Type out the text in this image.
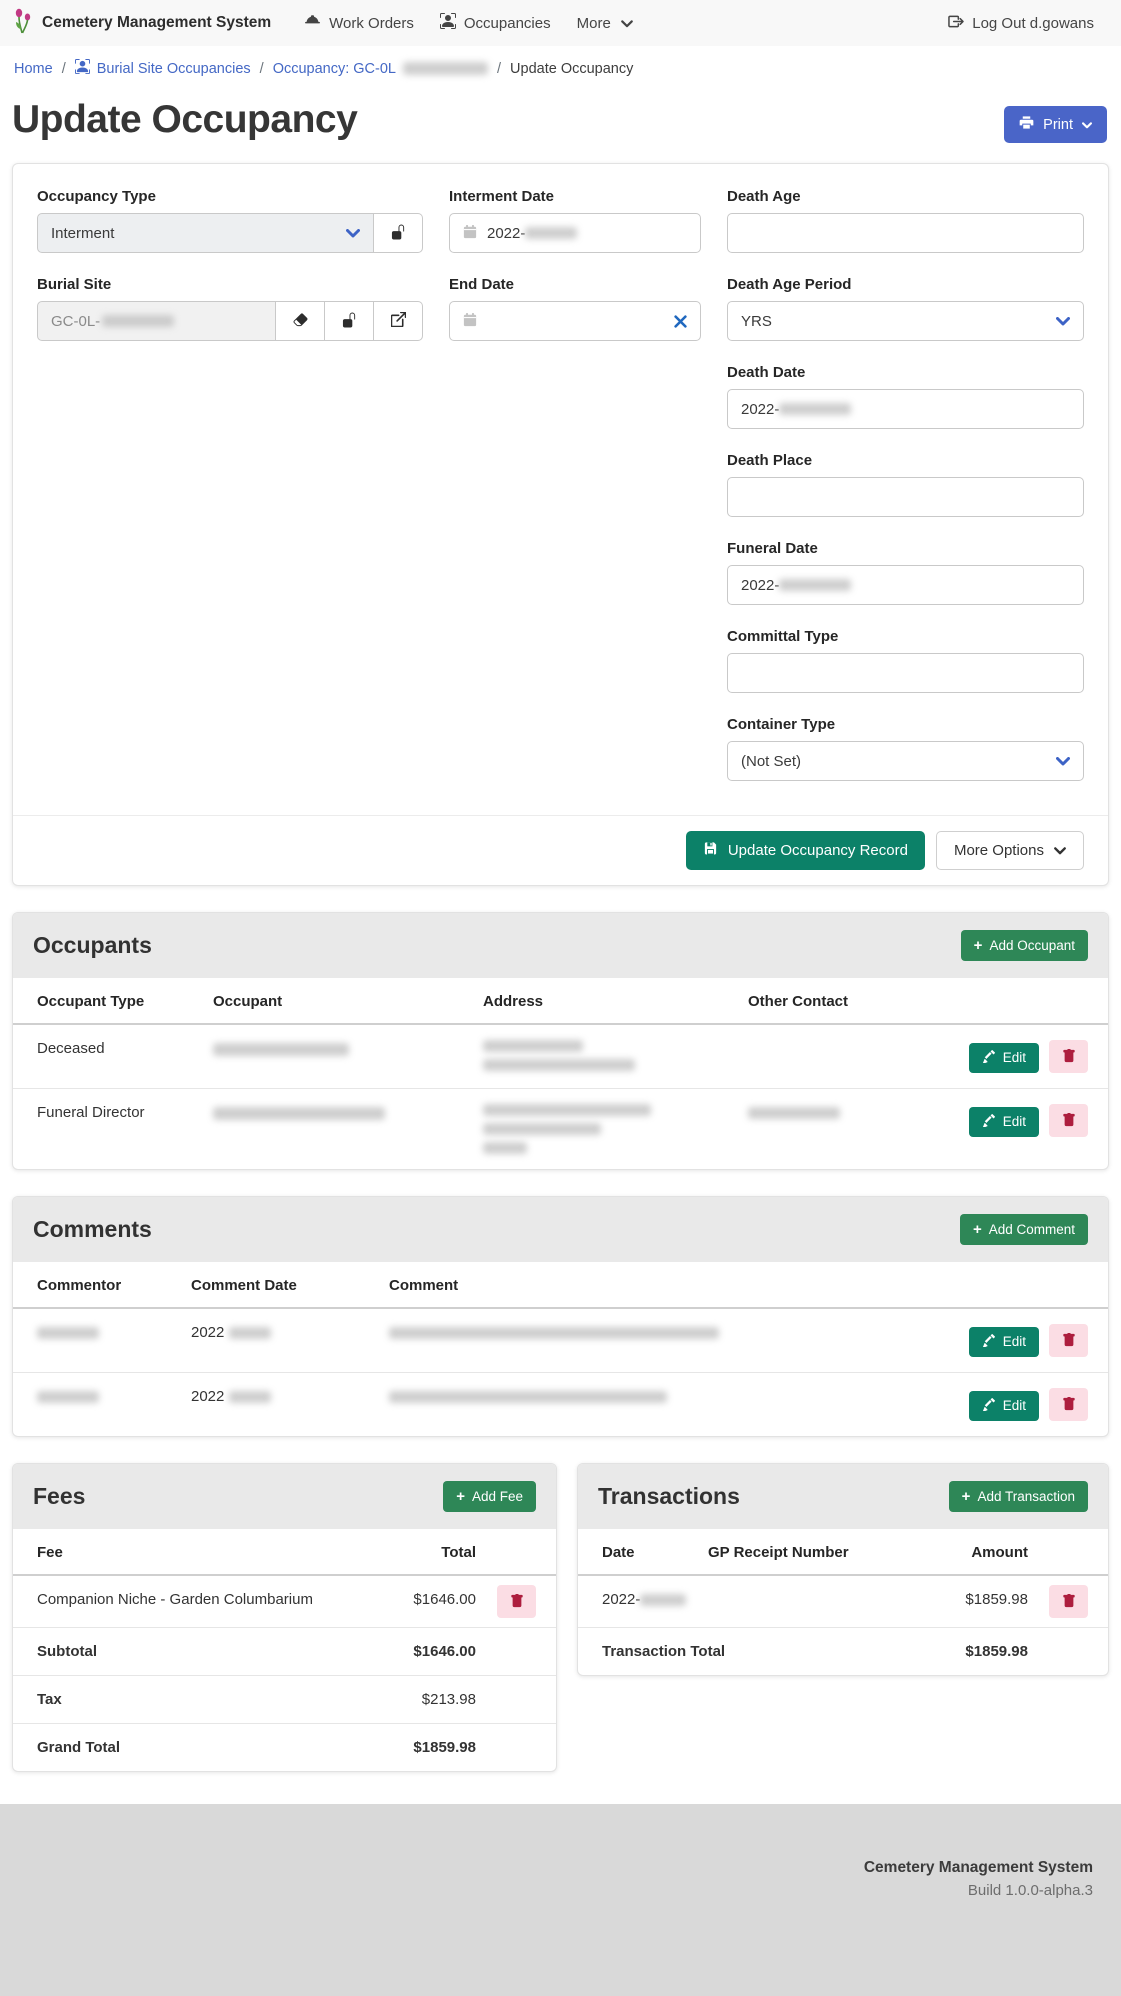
Cemetery Management System	Work Orders	Occupancies More	Log Out d.gowans
Home / Burial Site Occupancies / Occupancy: GC-0L	/ Update Occupancy
Update Occupancy	Print
Occupancy Type
Interment
Burial Site
GC-0L-
Interment Date
2022-
End Date
Death Age
Death Age Period
YRS
Death Date
2022-
Death Place
Funeral Date
2022-
Committal Type
Container Type
(Not Set)
Update Occupancy Record	More Options
Occupants	+ Add Occupant
Occupant Type	Occupant	Address	Other Contact	
Deceased				Edit

Funeral Director				Edit
Comments	+ Add Comment
Commentor	Comment Date	Comment	
	2022		Edit

	2022		Edit
Fees	+ Add Fee
Fee	Total	
Companion Niche - Garden Columbarium	$1646.00	

Subtotal	$1646.00	
Tax	$213.98	
Grand Total	$1859.98	
Transactions	+ Add Transaction
Date	GP Receipt Number	Amount	
2022-		$1859.98	

Transaction Total		$1859.98	
Cemetery Management System
Build 1.0.0-alpha.3
